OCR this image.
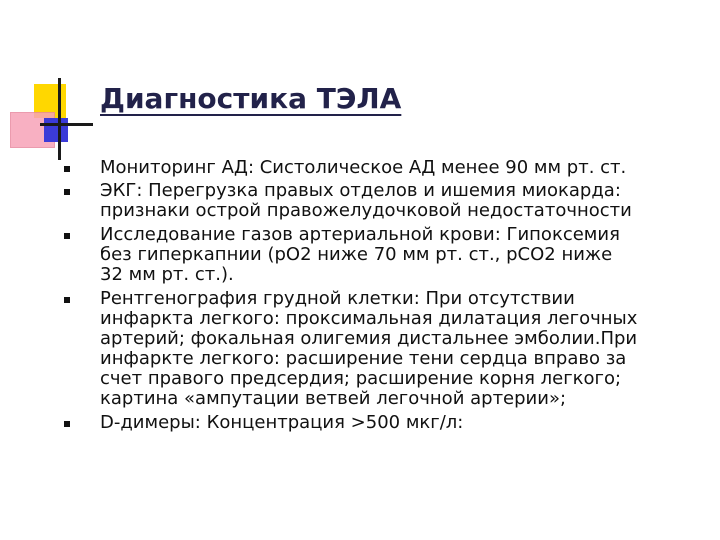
Диагностика ТЭЛА
Мониторинг АД: Систолическое АД менее 90 мм рт. ст.
ЭКГ: Перегрузка правых отделов и ишемия миокарда:
признаки острой правожелудочковой недостаточности
Исследование газов артериальной крови: Гипоксемия
без гиперкапнии (рО2 ниже 70 мм рт. ст., рСО2 ниже
32 мм рт. ст.).
Рентгенография грудной клетки: При отсутствии
инфаркта легкого: проксимальная дилатация легочных
артерий; фокальная олигемия дистальнее эмболии.При
инфаркте легкого: расширение тени сердца вправо за
счет правого предсердия; расширение корня легкого;
картина «ампутации ветвей легочной артерии»;
D-димеры: Концентрация >500 мкг/л:
